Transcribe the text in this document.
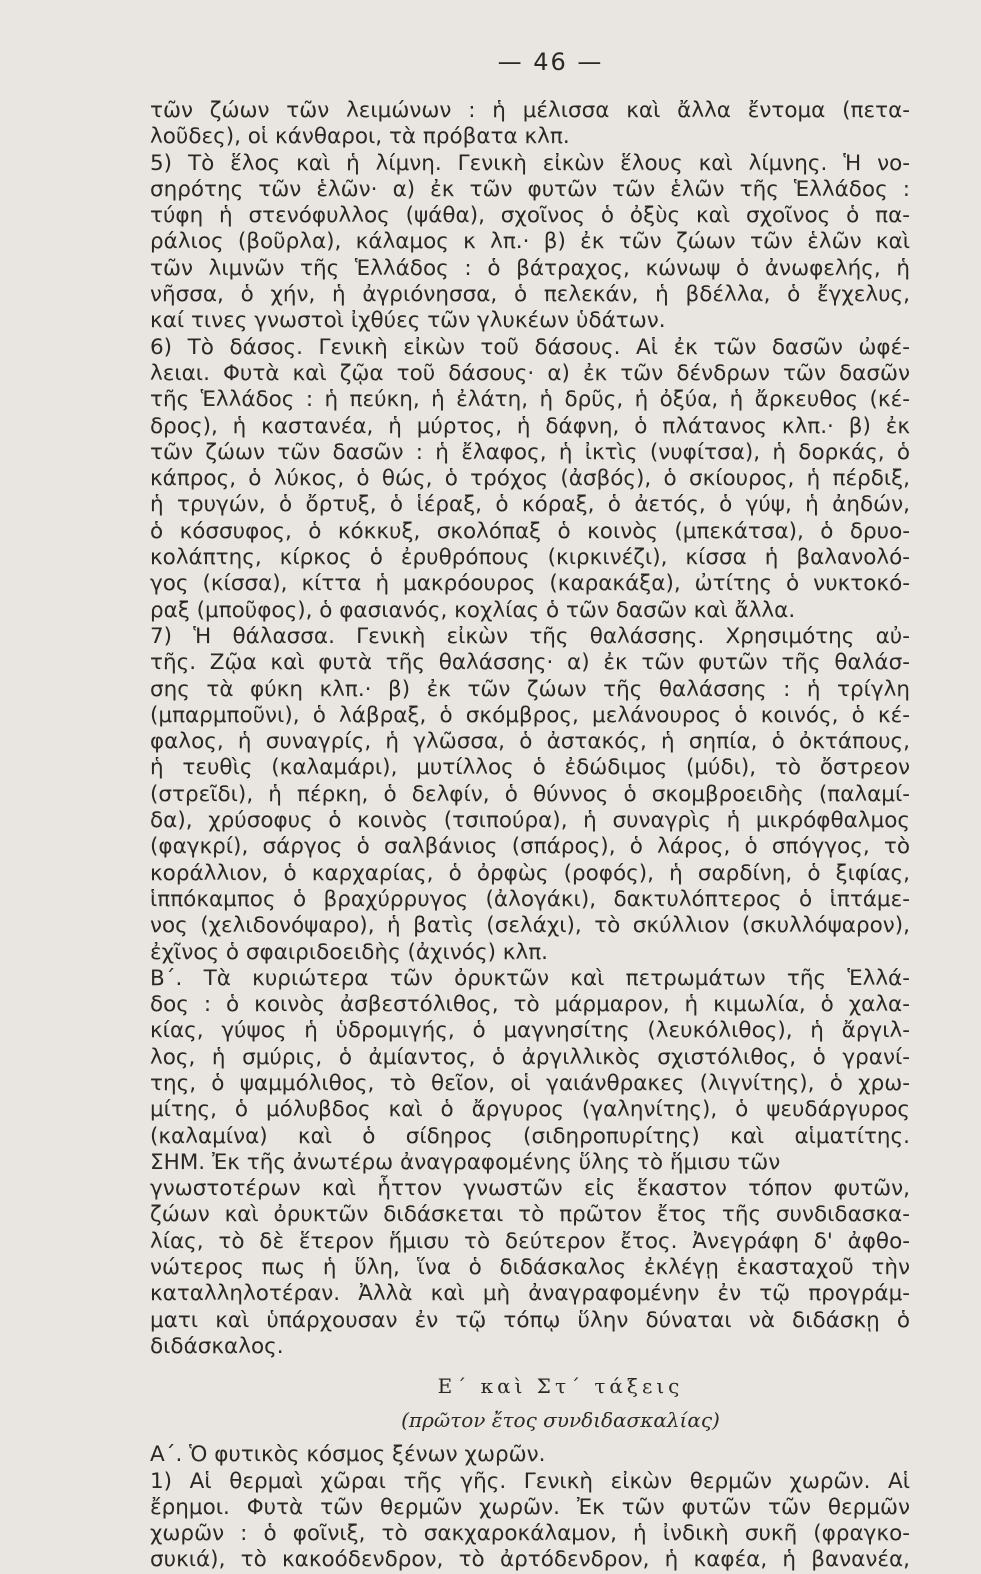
— 46 —
τῶν ζώων τῶν λειμώνων : ἡ μέλισσα καὶ ἄλλα ἔντομα (πετα-
λοῦδες), οἱ κάνθαροι, τὰ πρόβατα κλπ.
5) Τὸ ἕλος καὶ ἡ λίμνη. Γενικὴ εἰκὼν ἕλους καὶ λίμνης. Ἡ νο-
σηρότης τῶν ἑλῶν· α) ἐκ τῶν φυτῶν τῶν ἑλῶν τῆς Ἑλλάδος :
τύφη ἡ στενόφυλλος (ψάθα), σχοῖνος ὁ ὀξὺς καὶ σχοῖνος ὁ πα-
ράλιος (βοῦρλα), κάλαμος κ λπ.· β) ἐκ τῶν ζώων τῶν ἑλῶν καὶ
τῶν λιμνῶν τῆς Ἑλλάδος : ὁ βάτραχος, κώνωψ ὁ ἀνωφελής, ἡ
νῆσσα, ὁ χήν, ἡ ἀγριόνησσα, ὁ πελεκάν, ἡ βδέλλα, ὁ ἔγχελυς,
καί τινες γνωστοὶ ἰχθύες τῶν γλυκέων ὑδάτων.
6) Τὸ δάσος. Γενικὴ εἰκὼν τοῦ δάσους. Αἱ ἐκ τῶν δασῶν ὠφέ-
λειαι. Φυτὰ καὶ ζῷα τοῦ δάσους· α) ἐκ τῶν δένδρων τῶν δασῶν
τῆς Ἑλλάδος : ἡ πεύκη, ἡ ἐλάτη, ἡ δρῦς, ἡ ὀξύα, ἡ ἄρκευθος (κέ-
δρος), ἡ καστανέα, ἡ μύρτος, ἡ δάφνη, ὁ πλάτανος κλπ.· β) ἐκ
τῶν ζώων τῶν δασῶν : ἡ ἔλαφος, ἡ ἰκτὶς (νυφίτσα), ἡ δορκάς, ὁ
κάπρος, ὁ λύκος, ὁ θώς, ὁ τρόχος (ἀσβός), ὁ σκίουρος, ἡ πέρδιξ,
ἡ τρυγών, ὁ ὄρτυξ, ὁ ἱέραξ, ὁ κόραξ, ὁ ἀετός, ὁ γύψ, ἡ ἀηδών,
ὁ κόσσυφος, ὁ κόκκυξ, σκολόπαξ ὁ κοινὸς (μπεκάτσα), ὁ δρυο-
κολάπτης, κίρκος ὁ ἐρυθρόπους (κιρκινέζι), κίσσα ἡ βαλανολό-
γος (κίσσα), κίττα ἡ μακρόουρος (καρακάξα), ὠτίτης ὁ νυκτοκό-
ραξ (μποῦφος), ὁ φασιανός, κοχλίας ὁ τῶν δασῶν καὶ ἄλλα.
7) Ἡ θάλασσα. Γενικὴ εἰκὼν τῆς θαλάσσης. Χρησιμότης αὐ-
τῆς. Ζῷα καὶ φυτὰ τῆς θαλάσσης· α) ἐκ τῶν φυτῶν τῆς θαλάσ-
σης τὰ φύκη κλπ.· β) ἐκ τῶν ζώων τῆς θαλάσσης : ἡ τρίγλη
(μπαρμποῦνι), ὁ λάβραξ, ὁ σκόμβρος, μελάνουρος ὁ κοινός, ὁ κέ-
φαλος, ἡ συναγρίς, ἡ γλῶσσα, ὁ ἀστακός, ἡ σηπία, ὁ ὀκτάπους,
ἡ τευθὶς (καλαμάρι), μυτίλλος ὁ ἐδώδιμος (μύδι), τὸ ὄστρεον
(στρεῖδι), ἡ πέρκη, ὁ δελφίν, ὁ θύννος ὁ σκομβροειδὴς (παλαμί-
δα), χρύσοφυς ὁ κοινὸς (τσιπούρα), ἡ συναγρὶς ἡ μικρόφθαλμος
(φαγκρί), σάργος ὁ σαλβάνιος (σπάρος), ὁ λάρος, ὁ σπόγγος, τὸ
κοράλλιον, ὁ καρχαρίας, ὁ ὀρφὼς (ροφός), ἡ σαρδίνη, ὁ ξιφίας,
ἱππόκαμπος ὁ βραχύρρυγος (ἀλογάκι), δακτυλόπτερος ὁ ἱπτάμε-
νος (χελιδονόψαρο), ἡ βατὶς (σελάχι), τὸ σκύλλιον (σκυλλόψαρον),
ἐχῖνος ὁ σφαιριδοειδὴς (ἀχινός) κλπ.
Β΄. Τὰ κυριώτερα τῶν ὀρυκτῶν καὶ πετρωμάτων τῆς Ἑλλά-
δος : ὁ κοινὸς ἀσβεστόλιθος, τὸ μάρμαρον, ἡ κιμωλία, ὁ χαλα-
κίας, γύψος ἡ ὑδρομιγής, ὁ μαγνησίτης (λευκόλιθος), ἡ ἄργιλ-
λος, ἡ σμύρις, ὁ ἀμίαντος, ὁ ἀργιλλικὸς σχιστόλιθος, ὁ γρανί-
της, ὁ ψαμμόλιθος, τὸ θεῖον, οἱ γαιάνθρακες (λιγνίτης), ὁ χρω-
μίτης, ὁ μόλυβδος καὶ ὁ ἄργυρος (γαληνίτης), ὁ ψευδάργυρος
(καλαμίνα) καὶ ὁ σίδηρος (σιδηροπυρίτης) καὶ αἱματίτης.
ΣΗΜ. Ἐκ τῆς ἀνωτέρω ἀναγραφομένης ὕλης τὸ ἥμισυ τῶν
γνωστοτέρων καὶ ἧττον γνωστῶν εἰς ἕκαστον τόπον φυτῶν,
ζώων καὶ ὀρυκτῶν διδάσκεται τὸ πρῶτον ἔτος τῆς συνδιδασκα-
λίας, τὸ δὲ ἕτερον ἥμισυ τὸ δεύτερον ἔτος. Ἀνεγράφη δ' ἀφθο-
νώτερος πως ἡ ὕλη, ἵνα ὁ διδάσκαλος ἐκλέγῃ ἑκασταχοῦ τὴν
καταλληλοτέραν. Ἀλλὰ καὶ μὴ ἀναγραφομένην ἐν τῷ προγράμ-
ματι καὶ ὑπάρχουσαν ἐν τῷ τόπῳ ὕλην δύναται νὰ διδάσκῃ ὁ
διδάσκαλος.
Ε΄ καὶ Στ΄ τάξεις
(πρῶτον ἔτος συνδιδασκαλίας)
Α΄. Ὁ φυτικὸς κόσμος ξένων χωρῶν.
1) Αἱ θερμαὶ χῶραι τῆς γῆς. Γενικὴ εἰκὼν θερμῶν χωρῶν. Αἱ
ἔρημοι. Φυτὰ τῶν θερμῶν χωρῶν. Ἐκ τῶν φυτῶν τῶν θερμῶν
χωρῶν : ὁ φοῖνιξ, τὸ σακχαροκάλαμον, ἡ ἰνδικὴ συκῆ (φραγκο-
συκιά), τὸ κακοόδενδρον, τὸ ἀρτόδενδρον, ἡ καφέα, ἡ βανανέα,
